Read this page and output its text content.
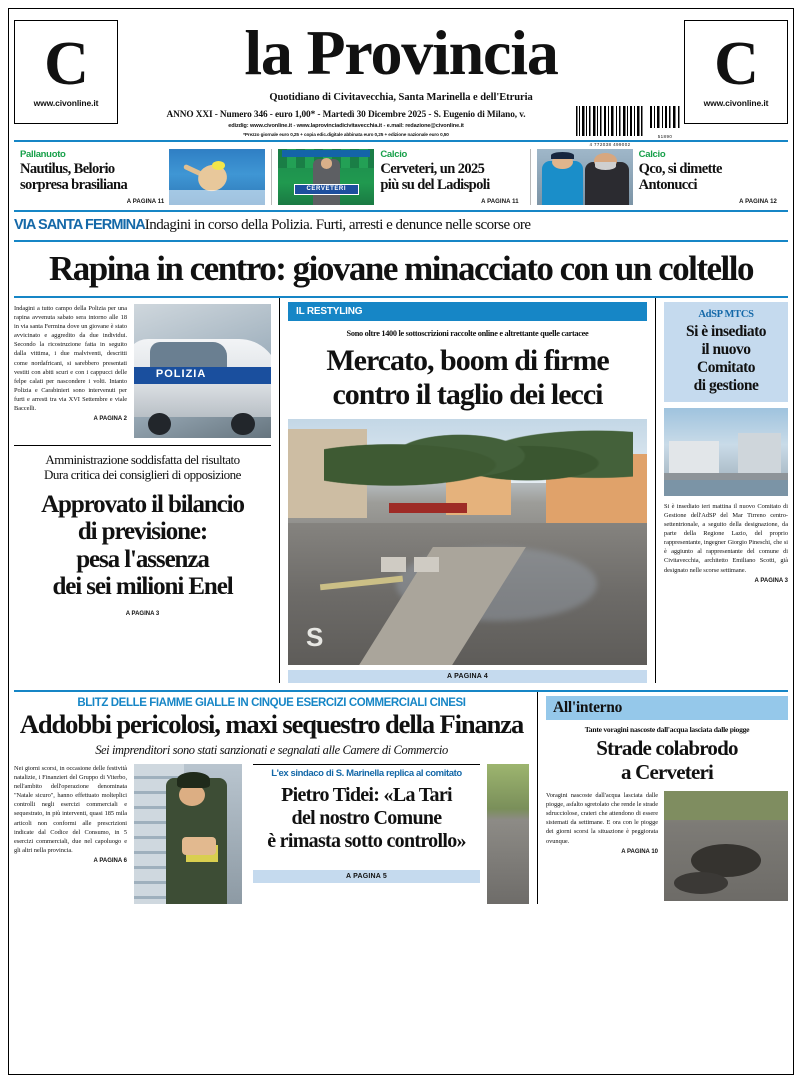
C
www.civonline.it
la Provincia
Quotidiano di Civitavecchia, Santa Marinella e dell'Etruria
ANNO XXI - Numero 346 - euro 1,00* - Martedì 30 Dicembre 2025 - S. Eugenio di Milano, v.
edizdig: www.civonline.it - www.laprovinciadicivitavecchia.it - e.mail: redazione@civonline.it
*Prezzo giornale euro 0,25 + copia edic.digitale abbinata euro 0,25 + edizione nazionale euro 0,50
4 772038 499002
51890
C
www.civonline.it
Pallanuoto
Nautilus, Belorio
sorpresa brasiliana
A PAGINA 11
CERVETERI
Calcio
Cerveteri, un 2025
più su del Ladispoli
A PAGINA 11
Calcio
Qco, si dimette
Antonucci
A PAGINA 12
VIA SANTA FERMINAIndagini in corso della Polizia. Furti, arresti e denunce nelle scorse ore
Rapina in centro: giovane minacciato con un coltello
Indagini a tutto campo della Polizia per una rapina avvenuta sabato sera intorno alle 18 in via santa Fermina dove un giovane è stato avvicinato e aggredito da due individui. Secondo la ricostruzione fatta in seguito dalla vittima, i due malviventi, descritti come nordafricani, si sarebbero presentati vestiti con abiti scuri e con i cappucci delle felpe calati per nascondere i volti. Intanto Polizia e Carabinieri sono intervenuti per furti e arresti tra via XVI Settembre e viale Baccelli.
A PAGINA 2
POLIZIA
Amministrazione soddisfatta del risultato
Dura critica dei consiglieri di opposizione
Approvato il bilancio
di previsione:
pesa l'assenza
dei sei milioni Enel
A PAGINA 3
IL RESTYLING
Sono oltre 1400 le sottoscrizioni raccolte online e altrettante quelle cartacee
Mercato, boom di firme
contro il taglio dei lecci
S
A PAGINA 4
AdSP MTCS
Si è insediato
il nuovo
Comitato
di gestione
Si è insediato ieri mattina il nuovo Comitato di Gestione dell'AdSP del Mar Tirreno centro-settentrionale, a seguito della designazione, da parte della Regione Lazio, del proprio rappresentante, ingegner Giorgio Pineschi, che si è aggiunto al rappresentante del comune di Civitavecchia, architetto Emiliano Scotti, già designato nelle scorse settimane.
A PAGINA 3
BLITZ DELLE FIAMME GIALLE IN CINQUE ESERCIZI COMMERCIALI CINESI
Addobbi pericolosi, maxi sequestro della Finanza
Sei imprenditori sono stati sanzionati e segnalati alle Camere di Commercio
Nei giorni scorsi, in occasione delle festività natalizie, i Finanzieri del Gruppo di Viterbo, nell'ambito dell'operazione denominata "Natale sicuro", hanno effettuato molteplici controlli negli esercizi commerciali e sequestrato, in più interventi, quasi 185 mila articoli non conformi alle prescrizioni indicate dal Codice del Consumo, in 5 esercizi commerciali, due nel capoluogo e gli altri nella provincia.
A PAGINA 6
L'ex sindaco di S. Marinella replica al comitato
Pietro Tidei: «La Tari
del nostro Comune
è rimasta sotto controllo»
A PAGINA 5
All'interno
Tante voragini nascoste dall'acqua lasciata dalle piogge
Strade colabrodo
a Cerveteri
Voragini nascoste dall'acqua lasciata dalle piogge, asfalto sgretolato che rende le strade sdrucciolose, crateri che attendono di essere sistemati da settimane. E ora con le piogge dei giorni scorsi la situazione è peggiorata ovunque.
A PAGINA 10
